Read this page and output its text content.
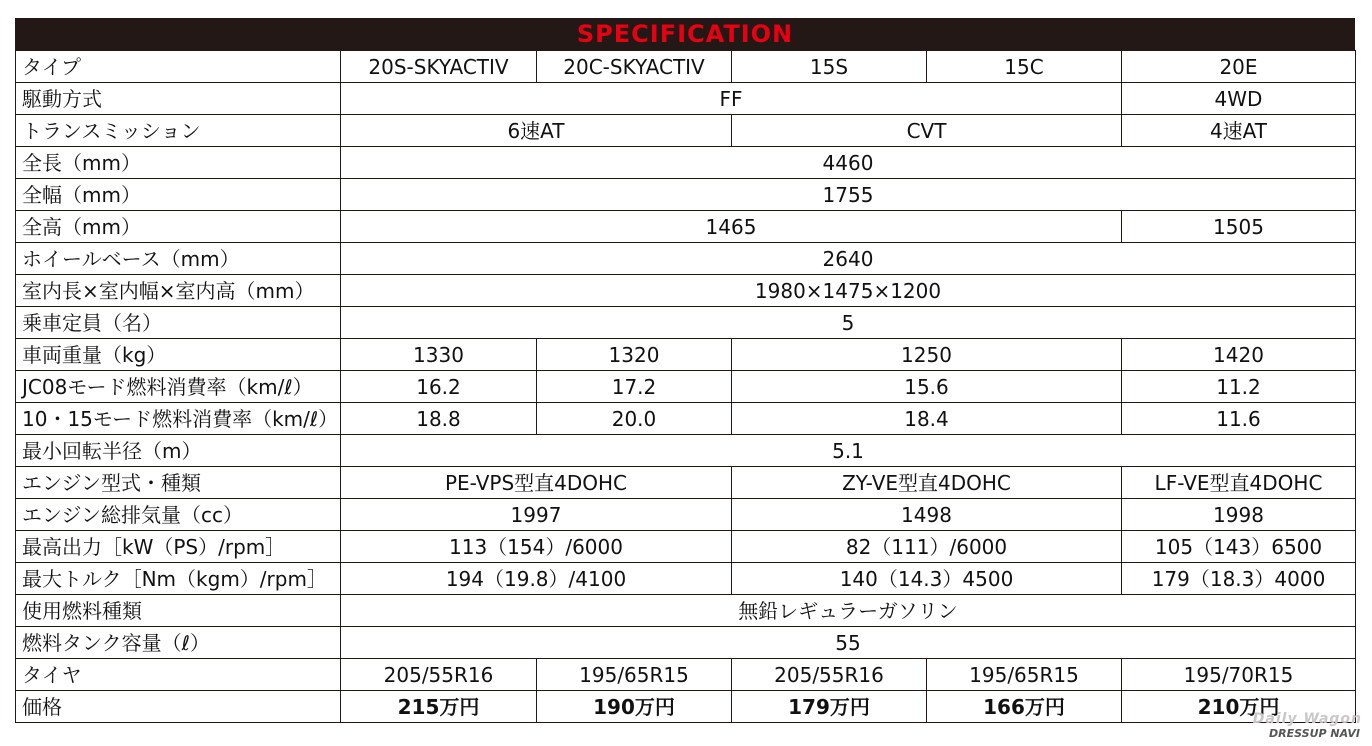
SPECIFICATION
タイプ	20S-SKYACTIV	20C-SKYACTIV	15S	15C	20E
駆動方式	FF				4WD
トランスミッション	6速AT		CVT		4速AT
全長（mm）	4460				
全幅（mm）	1755				
全高（mm）	1465				1505
ホイールベース（mm）	2640				
室内長×室内幅×室内高（mm）	1980×1475×1200				
乗車定員（名）	5				
車両重量（kg）	1330	1320	1250		1420
JC08モード燃料消費率（km/ℓ）	16.2	17.2	15.6		11.2
10・15モード燃料消費率（km/ℓ）	18.8	20.0	18.4		11.6
最小回転半径（m）	5.1				
エンジン型式・種類	PE-VPS型直4DOHC		ZY-VE型直4DOHC		LF-VE型直4DOHC
エンジン総排気量（cc）	1997		1498		1998
最高出力［kW（PS）/rpm］	113（154）/6000		82（111）/6000		105（143）6500
最大トルク［Nm（kgm）/rpm］	194（19.8）/4100		140（14.3）4500		179（18.3）4000
使用燃料種類	無鉛レギュラーガソリン				
燃料タンク容量（ℓ）	55				
タイヤ	205/55R16	195/65R15	205/55R16	195/65R15	195/70R15
価格	215万円	190万円	179万円	166万円	210万円
Daily Wagon
DRESSUP NAVI
